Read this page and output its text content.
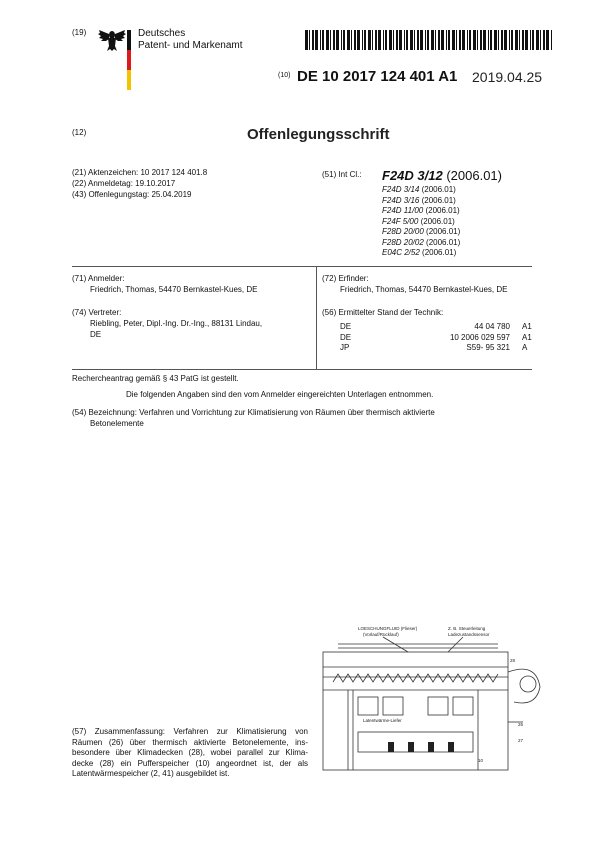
(19)	Deutsches
Patent- und Markenamt
(10) DE 10 2017 124 401 A1 2019.04.25
(12)	Offenlegungsschrift
(21) Aktenzeichen: 10 2017 124 401.8
(22) Anmeldetag: 19.10.2017
(43) Offenlegungstag: 25.04.2019
(51) Int Cl.: F24D 3/12 (2006.01)
F24D 3/14 (2006.01)
F24D 3/16 (2006.01)
F24D 11/00 (2006.01)
F24F 5/00 (2006.01)
F28D 20/00 (2006.01)
F28D 20/02 (2006.01)
E04C 2/52 (2006.01)
(71) Anmelder:
Friedrich, Thomas, 54470 Bernkastel-Kues, DE
(72) Erfinder:
Friedrich, Thomas, 54470 Bernkastel-Kues, DE
(74) Vertreter:
Riebling, Peter, Dipl.-Ing. Dr.-Ing., 88131 Lindau,
DE
(56) Ermittelter Stand der Technik:
DE	44 04 780 A1
DE	10 2006 029 597 A1
JP	S59- 95 321 A
Rechercheantrag gemäß § 43 PatG ist gestellt.
Die folgenden Angaben sind den vom Anmelder eingereichten Unterlagen entnommen.
(54) Bezeichnung: Verfahren und Vorrichtung zur Klimatisierung von Räumen über thermisch aktivierte
Betonelemente
(57) Zusammenfassung: Verfahren zur Klimatisierung von
Räumen (26) über thermisch aktivierte Betonelemente, ins-
besondere über Klimadecken (28), wobei parallel zur Klima-
decke (28) ein Pufferspeicher (10) angeordnet ist, der als
Latentwärmespeicher (2, 41) ausgebildet ist.
LOESCHUNGFLUID (Flieser)
(Vorlauf/Rücklauf)
Z. B. Steuerleitung
Ladezustandssensor
Latentwärme-Liefer
28
26
27
10
